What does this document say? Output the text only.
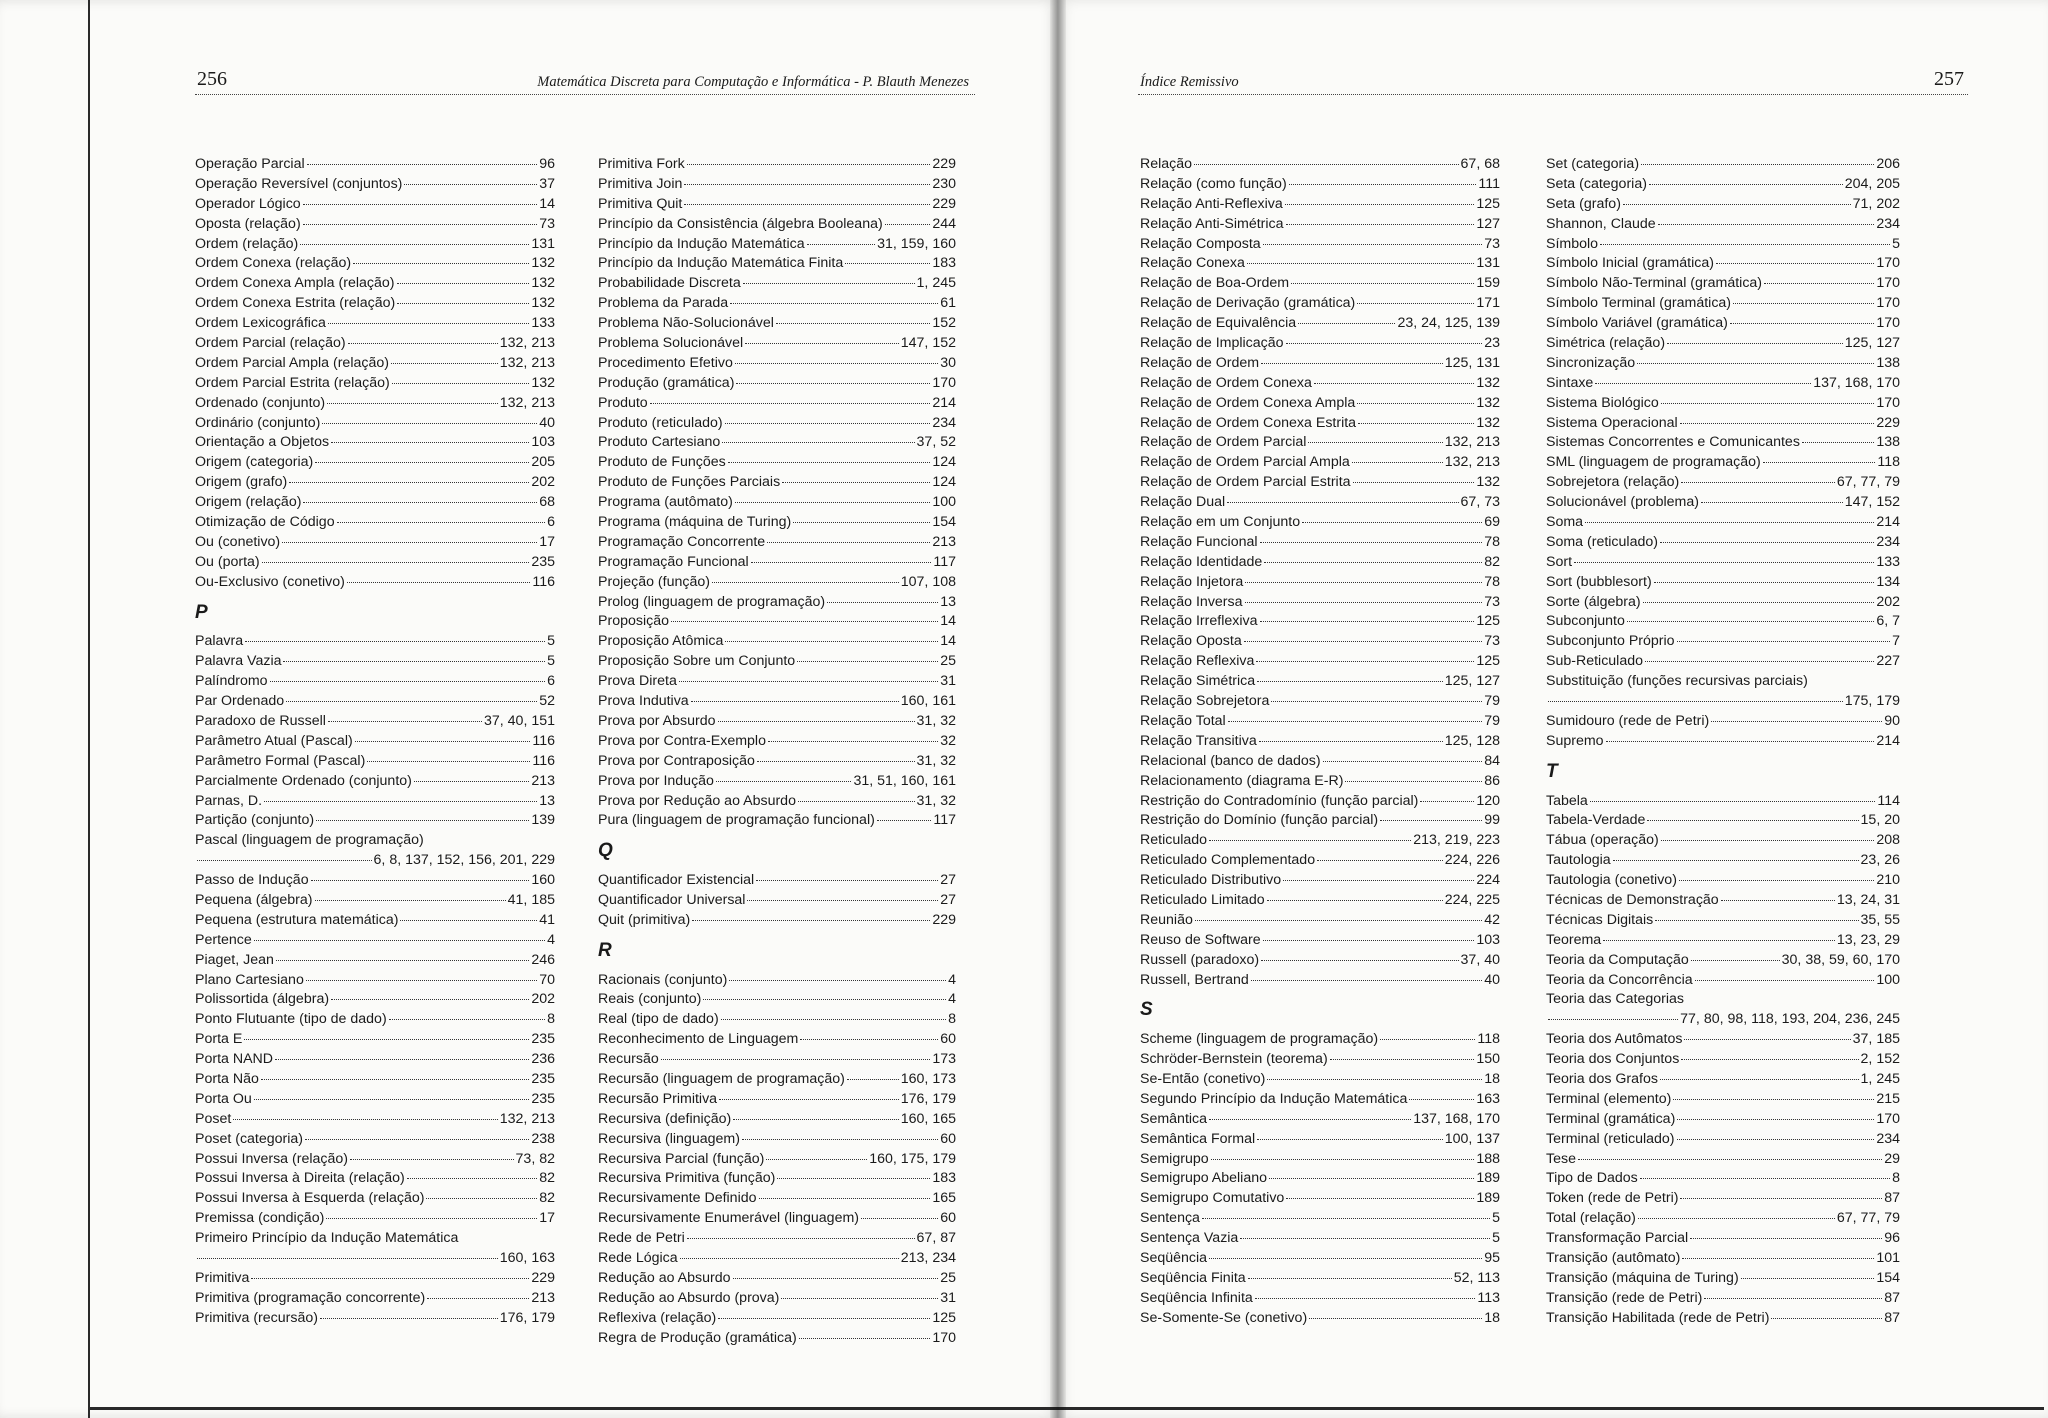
256	Matemática Discreta para Computação e Informática - P. Blauth Menezes
Operação Parcial	96
Operação Reversível (conjuntos)	37
Operador Lógico	14
Oposta (relação)	73
Ordem (relação)	131
Ordem Conexa (relação)	132
Ordem Conexa Ampla (relação)	132
Ordem Conexa Estrita (relação)	132
Ordem Lexicográfica	133
Ordem Parcial (relação)	132, 213
Ordem Parcial Ampla (relação)	132, 213
Ordem Parcial Estrita (relação)	132
Ordenado (conjunto)	132, 213
Ordinário (conjunto)	40
Orientação a Objetos	103
Origem (categoria)	205
Origem (grafo)	202
Origem (relação)	68
Otimização de Código	6
Ou (conetivo)	17
Ou (porta)	235
Ou-Exclusivo (conetivo)	116
P
Palavra	5
Palavra Vazia	5
Palíndromo	6
Par Ordenado	52
Paradoxo de Russell	37, 40, 151
Parâmetro Atual (Pascal)	116
Parâmetro Formal (Pascal)	116
Parcialmente Ordenado (conjunto)	213
Parnas, D.	13
Partição (conjunto)	139
Pascal (linguagem de programação)
6, 8, 137, 152, 156, 201, 229
Passo de Indução	160
Pequena (álgebra)	41, 185
Pequena (estrutura matemática)	41
Pertence	4
Piaget, Jean	246
Plano Cartesiano	70
Polissortida (álgebra)	202
Ponto Flutuante (tipo de dado)	8
Porta E	235
Porta NAND	236
Porta Não	235
Porta Ou	235
Poset	132, 213
Poset (categoria)	238
Possui Inversa (relação)	73, 82
Possui Inversa à Direita (relação)	82
Possui Inversa à Esquerda (relação)	82
Premissa (condição)	17
Primeiro Princípio da Indução Matemática
160, 163
Primitiva	229
Primitiva (programação concorrente)	213
Primitiva (recursão)	176, 179
Primitiva Fork	229
Primitiva Join	230
Primitiva Quit	229
Princípio da Consistência (álgebra Booleana)	244
Princípio da Indução Matemática	31, 159, 160
Princípio da Indução Matemática Finita	183
Probabilidade Discreta	1, 245
Problema da Parada	61
Problema Não-Solucionável	152
Problema Solucionável	147, 152
Procedimento Efetivo	30
Produção (gramática)	170
Produto	214
Produto (reticulado)	234
Produto Cartesiano	37, 52
Produto de Funções	124
Produto de Funções Parciais	124
Programa (autômato)	100
Programa (máquina de Turing)	154
Programação Concorrente	213
Programação Funcional	117
Projeção (função)	107, 108
Prolog (linguagem de programação)	13
Proposição	14
Proposição Atômica	14
Proposição Sobre um Conjunto	25
Prova Direta	31
Prova Indutiva	160, 161
Prova por Absurdo	31, 32
Prova por Contra-Exemplo	32
Prova por Contraposição	31, 32
Prova por Indução	31, 51, 160, 161
Prova por Redução ao Absurdo	31, 32
Pura (linguagem de programação funcional)	117
Q
Quantificador Existencial	27
Quantificador Universal	27
Quit (primitiva)	229
R
Racionais (conjunto)	4
Reais (conjunto)	4
Real (tipo de dado)	8
Reconhecimento de Linguagem	60
Recursão	173
Recursão (linguagem de programação)	160, 173
Recursão Primitiva	176, 179
Recursiva (definição)	160, 165
Recursiva (linguagem)	60
Recursiva Parcial (função)	160, 175, 179
Recursiva Primitiva (função)	183
Recursivamente Definido	165
Recursivamente Enumerável (linguagem)	60
Rede de Petri	67, 87
Rede Lógica	213, 234
Redução ao Absurdo	25
Redução ao Absurdo (prova)	31
Reflexiva (relação)	125
Regra de Produção (gramática)	170
Índice Remissivo	257
Relação	67, 68
Relação (como função)	111
Relação Anti-Reflexiva	125
Relação Anti-Simétrica	127
Relação Composta	73
Relação Conexa	131
Relação de Boa-Ordem	159
Relação de Derivação (gramática)	171
Relação de Equivalência	23, 24, 125, 139
Relação de Implicação	23
Relação de Ordem	125, 131
Relação de Ordem Conexa	132
Relação de Ordem Conexa Ampla	132
Relação de Ordem Conexa Estrita	132
Relação de Ordem Parcial	132, 213
Relação de Ordem Parcial Ampla	132, 213
Relação de Ordem Parcial Estrita	132
Relação Dual	67, 73
Relação em um Conjunto	69
Relação Funcional	78
Relação Identidade	82
Relação Injetora	78
Relação Inversa	73
Relação Irreflexiva	125
Relação Oposta	73
Relação Reflexiva	125
Relação Simétrica	125, 127
Relação Sobrejetora	79
Relação Total	79
Relação Transitiva	125, 128
Relacional (banco de dados)	84
Relacionamento (diagrama E-R)	86
Restrição do Contradomínio (função parcial)	120
Restrição do Domínio (função parcial)	99
Reticulado	213, 219, 223
Reticulado Complementado	224, 226
Reticulado Distributivo	224
Reticulado Limitado	224, 225
Reunião	42
Reuso de Software	103
Russell (paradoxo)	37, 40
Russell, Bertrand	40
S
Scheme (linguagem de programação)	118
Schröder-Bernstein (teorema)	150
Se-Então (conetivo)	18
Segundo Princípio da Indução Matemática	163
Semântica	137, 168, 170
Semântica Formal	100, 137
Semigrupo	188
Semigrupo Abeliano	189
Semigrupo Comutativo	189
Sentença	5
Sentença Vazia	5
Seqüência	95
Seqüência Finita	52, 113
Seqüência Infinita	113
Se-Somente-Se (conetivo)	18
Set (categoria)	206
Seta (categoria)	204, 205
Seta (grafo)	71, 202
Shannon, Claude	234
Símbolo	5
Símbolo Inicial (gramática)	170
Símbolo Não-Terminal (gramática)	170
Símbolo Terminal (gramática)	170
Símbolo Variável (gramática)	170
Simétrica (relação)	125, 127
Sincronização	138
Sintaxe	137, 168, 170
Sistema Biológico	170
Sistema Operacional	229
Sistemas Concorrentes e Comunicantes	138
SML (linguagem de programação)	118
Sobrejetora (relação)	67, 77, 79
Solucionável (problema)	147, 152
Soma	214
Soma (reticulado)	234
Sort	133
Sort (bubblesort)	134
Sorte (álgebra)	202
Subconjunto	6, 7
Subconjunto Próprio	7
Sub-Reticulado	227
Substituição (funções recursivas parciais)
175, 179
Sumidouro (rede de Petri)	90
Supremo	214
T
Tabela	114
Tabela-Verdade	15, 20
Tábua (operação)	208
Tautologia	23, 26
Tautologia (conetivo)	210
Técnicas de Demonstração	13, 24, 31
Técnicas Digitais	35, 55
Teorema	13, 23, 29
Teoria da Computação	30, 38, 59, 60, 170
Teoria da Concorrência	100
Teoria das Categorias
77, 80, 98, 118, 193, 204, 236, 245
Teoria dos Autômatos	37, 185
Teoria dos Conjuntos	2, 152
Teoria dos Grafos	1, 245
Terminal (elemento)	215
Terminal (gramática)	170
Terminal (reticulado)	234
Tese	29
Tipo de Dados	8
Token (rede de Petri)	87
Total (relação)	67, 77, 79
Transformação Parcial	96
Transição (autômato)	101
Transição (máquina de Turing)	154
Transição (rede de Petri)	87
Transição Habilitada (rede de Petri)	87
